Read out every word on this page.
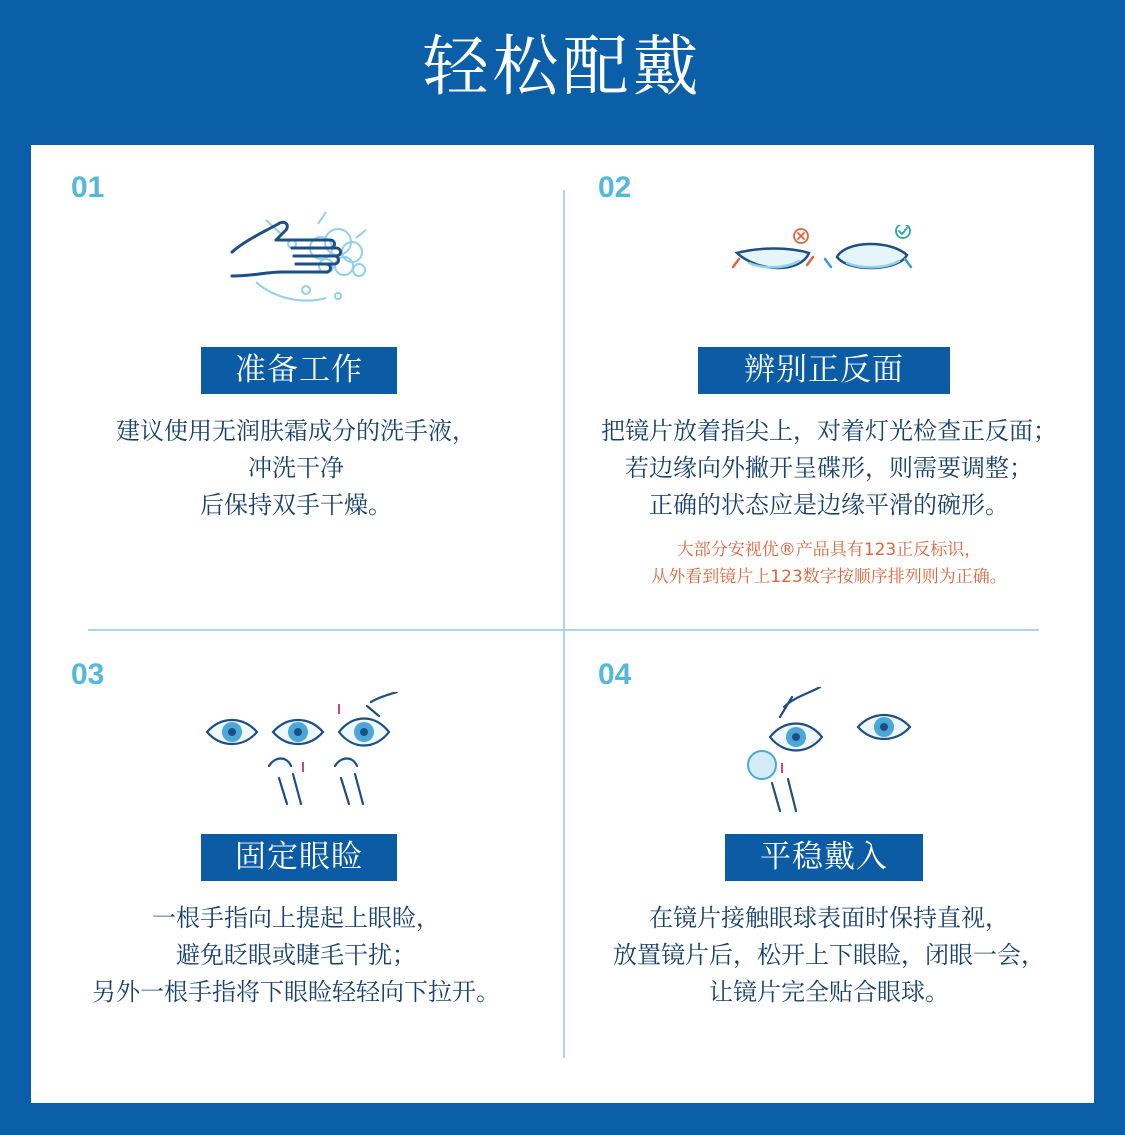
轻松配戴
01
准备工作
建议使用无润肤霜成分的洗手液，
冲洗干净
后保持双手干燥。
02
辨别正反面
把镜片放着指尖上，对着灯光检查正反面；
若边缘向外撇开呈碟形，则需要调整；
正确的状态应是边缘平滑的碗形。
大部分安视优®产品具有123正反标识，
从外看到镜片上123数字按顺序排列则为正确。
03
固定眼睑
一根手指向上提起上眼睑，
避免眨眼或睫毛干扰；
另外一根手指将下眼睑轻轻向下拉开。
04
平稳戴入
在镜片接触眼球表面时保持直视，
放置镜片后，松开上下眼睑，闭眼一会，
让镜片完全贴合眼球。
